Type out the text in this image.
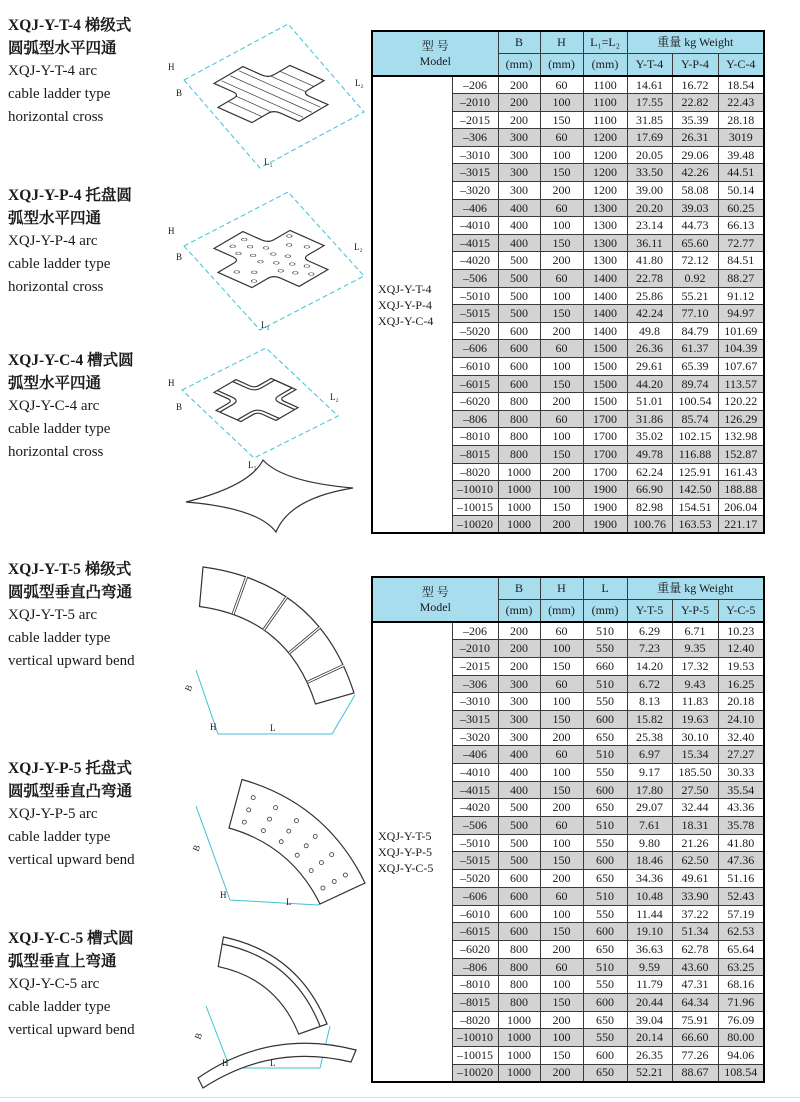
XQJ-Y-T-4 梯级式
圆弧型水平四通
XQJ-Y-T-4 arc
cable ladder type
horizontal cross
XQJ-Y-P-4 托盘圆
弧型水平四通
XQJ-Y-P-4 arc
cable ladder type
horizontal cross
XQJ-Y-C-4 槽式圆
弧型水平四通
XQJ-Y-C-4 arc
cable ladder type
horizontal cross
XQJ-Y-T-5 梯级式
圆弧型垂直凸弯通
XQJ-Y-T-5 arc
cable ladder type
vertical upward bend
XQJ-Y-P-5 托盘式
圆弧型垂直凸弯通
XQJ-Y-P-5 arc
cable ladder type
vertical upward bend
XQJ-Y-C-5 槽式圆
弧型垂直上弯通
XQJ-Y-C-5 arc
cable ladder type
vertical upward bend
H
B
L₁
L₂
H
B
L₁
L₂
H
B
L₁
L₂
H
B
L
H
B
L
H
B
L
型 号
Model		B	H	L₁=L₂	重量 kg Weight		
		(mm)	(mm)	(mm)	Y-T-4	Y-P-4	Y-C-4

XQJ-Y-T-4
XQJ-Y-P-4
XQJ-Y-C-4	–206	200	60	1100	14.61	16.72	18.54
	–2010	200	100	1100	17.55	22.82	22.43
	–2015	200	150	1100	31.85	35.39	28.18
	–306	300	60	1200	17.69	26.31	3019
	–3010	300	100	1200	20.05	29.06	39.48
	–3015	300	150	1200	33.50	42.26	44.51
	–3020	300	200	1200	39.00	58.08	50.14
	–406	400	60	1300	20.20	39.03	60.25
	–4010	400	100	1300	23.14	44.73	66.13
	–4015	400	150	1300	36.11	65.60	72.77
	–4020	500	200	1300	41.80	72.12	84.51
	–506	500	60	1400	22.78	0.92	88.27
	–5010	500	100	1400	25.86	55.21	91.12
	–5015	500	150	1400	42.24	77.10	94.97
	–5020	600	200	1400	49.8	84.79	101.69
	–606	600	60	1500	26.36	61.37	104.39
	–6010	600	100	1500	29.61	65.39	107.67
	–6015	600	150	1500	44.20	89.74	113.57
	–6020	800	200	1500	51.01	100.54	120.22
	–806	800	60	1700	31.86	85.74	126.29
	–8010	800	100	1700	35.02	102.15	132.98
	–8015	800	150	1700	49.78	116.88	152.87
	–8020	1000	200	1700	62.24	125.91	161.43
	–10010	1000	100	1900	66.90	142.50	188.88
	–10015	1000	150	1900	82.98	154.51	206.04
	–10020	1000	200	1900	100.76	163.53	221.17
型 号
Model		B	H	L	重量 kg Weight		
		(mm)	(mm)	(mm)	Y-T-5	Y-P-5	Y-C-5

XQJ-Y-T-5
XQJ-Y-P-5
XQJ-Y-C-5	–206	200	60	510	6.29	6.71	10.23
	–2010	200	100	550	7.23	9.35	12.40
	–2015	200	150	660	14.20	17.32	19.53
	–306	300	60	510	6.72	9.43	16.25
	–3010	300	100	550	8.13	11.83	20.18
	–3015	300	150	600	15.82	19.63	24.10
	–3020	300	200	650	25.38	30.10	32.40
	–406	400	60	510	6.97	15.34	27.27
	–4010	400	100	550	9.17	185.50	30.33
	–4015	400	150	600	17.80	27.50	35.54
	–4020	500	200	650	29.07	32.44	43.36
	–506	500	60	510	7.61	18.31	35.78
	–5010	500	100	550	9.80	21.26	41.80
	–5015	500	150	600	18.46	62.50	47.36
	–5020	600	200	650	34.36	49.61	51.16
	–606	600	60	510	10.48	33.90	52.43
	–6010	600	100	550	11.44	37.22	57.19
	–6015	600	150	600	19.10	51.34	62.53
	–6020	800	200	650	36.63	62.78	65.64
	–806	800	60	510	9.59	43.60	63.25
	–8010	800	100	550	11.79	47.31	68.16
	–8015	800	150	600	20.44	64.34	71.96
	–8020	1000	200	650	39.04	75.91	76.09
	–10010	1000	100	550	20.14	66.60	80.00
	–10015	1000	150	600	26.35	77.26	94.06
	–10020	1000	200	650	52.21	88.67	108.54
